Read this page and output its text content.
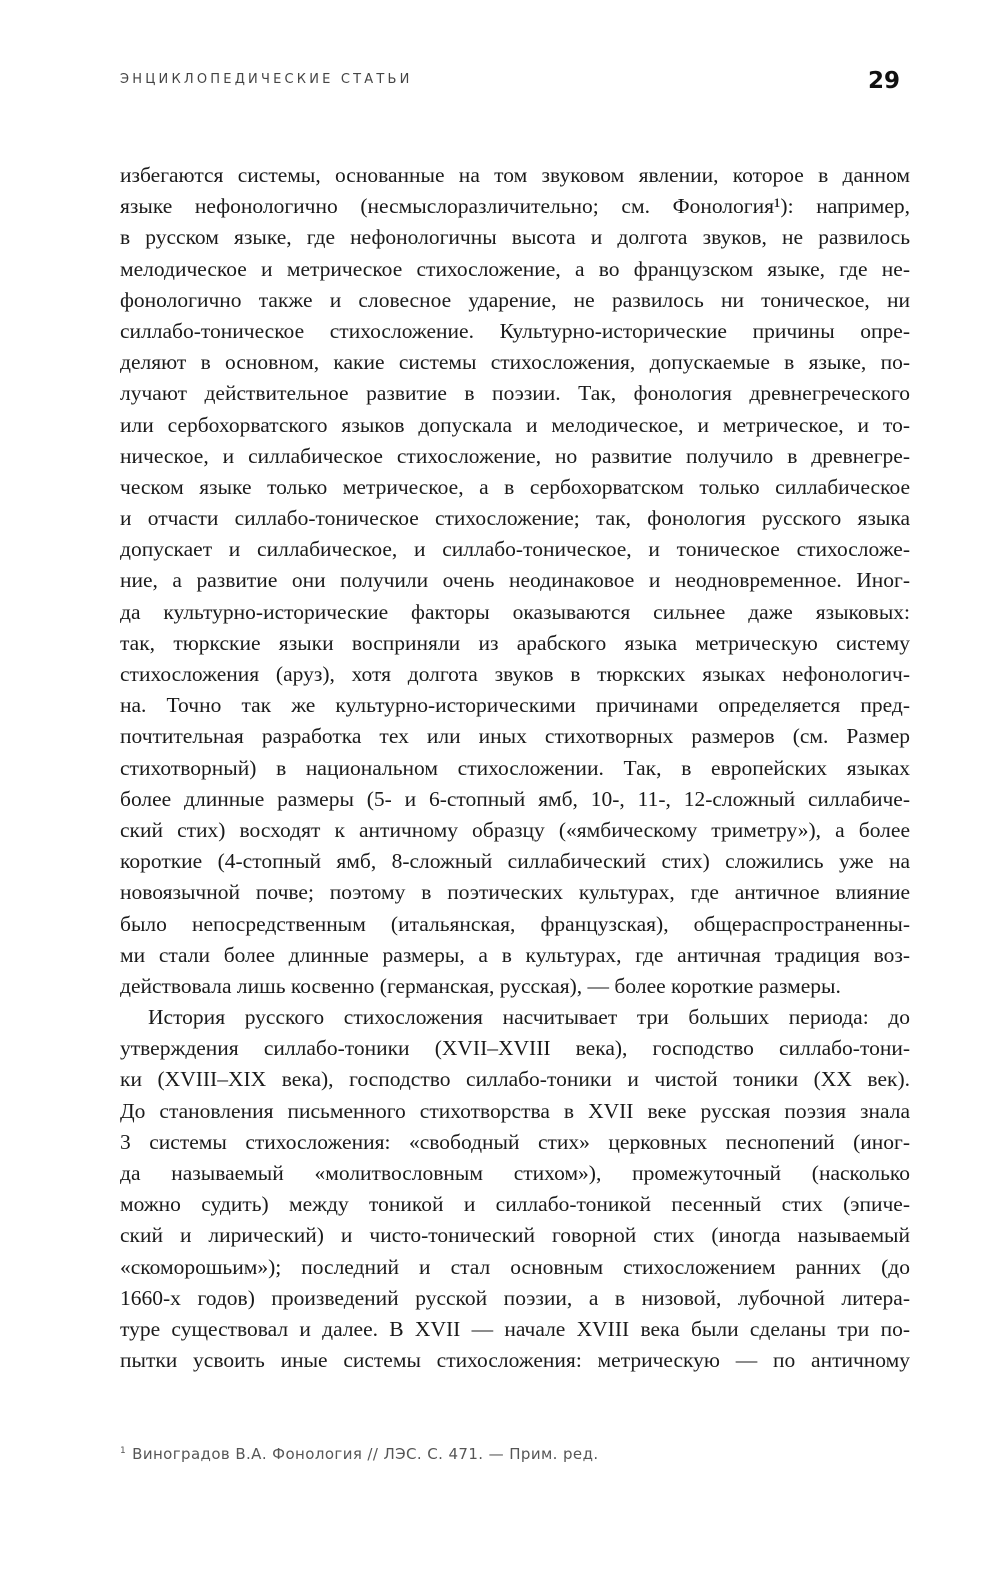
ЭНЦИКЛОПЕДИЧЕСКИЕ СТАТЬИ	29
избегаются системы, основанные на том звуковом явлении, которое в данном
языке нефонологично (несмыслоразличительно; см. Фонология¹): например,
в русском языке, где нефонологичны высота и долгота звуков, не развилось
мелодическое и метрическое стихосложение, а во французском языке, где не-
фонологично также и словесное ударение, не развилось ни тоническое, ни
силлабо-тоническое стихосложение. Культурно-исторические причины опре-
деляют в основном, какие системы стихосложения, допускаемые в языке, по-
лучают действительное развитие в поэзии. Так, фонология древнегреческого
или сербохорватского языков допускала и мелодическое, и метрическое, и то-
ническое, и силлабическое стихосложение, но развитие получило в древнегре-
ческом языке только метрическое, а в сербохорватском только силлабическое
и отчасти силлабо-тоническое стихосложение; так, фонология русского языка
допускает и силлабическое, и силлабо-тоническое, и тоническое стихосложе-
ние, а развитие они получили очень неодинаковое и неодновременное. Иног-
да культурно-исторические факторы оказываются сильнее даже языковых:
так, тюркские языки восприняли из арабского языка метрическую систему
стихосложения (аруз), хотя долгота звуков в тюркских языках нефонологич-
на. Точно так же культурно-историческими причинами определяется пред-
почтительная разработка тех или иных стихотворных размеров (см. Размер
стихотворный) в национальном стихосложении. Так, в европейских языках
более длинные размеры (5- и 6-стопный ямб, 10-, 11-, 12-сложный силлабиче-
ский стих) восходят к античному образцу («ямбическому триметру»), а более
короткие (4-стопный ямб, 8-сложный силлабический стих) сложились уже на
новоязычной почве; поэтому в поэтических культурах, где античное влияние
было непосредственным (итальянская, французская), общераспространенны-
ми стали более длинные размеры, а в культурах, где античная традиция воз-
действовала лишь косвенно (германская, русская), — более короткие размеры.
История русского стихосложения насчитывает три больших периода: до
утверждения силлабо-тоники (XVII–XVIII века), господство силлабо-тони-
ки (XVIII–XIX века), господство силлабо-тоники и чистой тоники (XX век).
До становления письменного стихотворства в XVII веке русская поэзия знала
3 системы стихосложения: «свободный стих» церковных песнопений (иног-
да называемый «молитвословным стихом»), промежуточный (насколько
можно судить) между тоникой и силлабо-тоникой песенный стих (эпиче-
ский и лирический) и чисто-тонический говорной стих (иногда называемый
«скоморошьим»); последний и стал основным стихосложением ранних (до
1660-х годов) произведений русской поэзии, а в низовой, лубочной литера-
туре существовал и далее. В XVII — начале XVIII века были сделаны три по-
пытки усвоить иные системы стихосложения: метрическую — по античному
$^1$ Виноградов В.А. Фонология // ЛЭС. С. 471. — Прим. ред.
